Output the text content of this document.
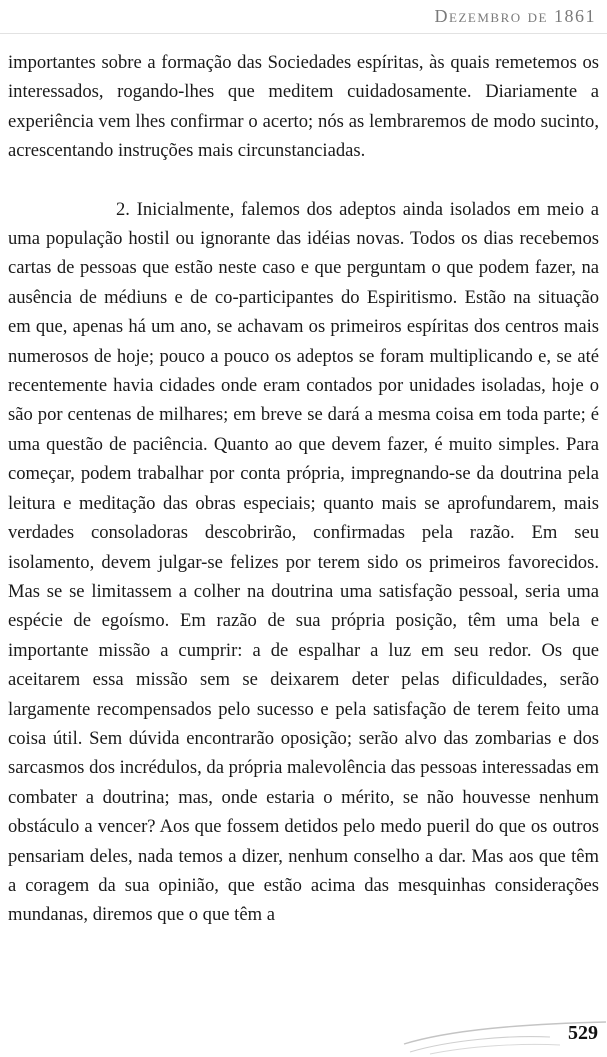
Dezembro de 1861

importantes sobre a formação das Sociedades espíritas, às quais remetemos os interessados, rogando-lhes que meditem cuidadosamente. Diariamente a experiência vem lhes confirmar o acerto; nós as lembraremos de modo sucinto, acrescentando instruções mais circunstanciadas.

2. Inicialmente, falemos dos adeptos ainda isolados em meio a uma população hostil ou ignorante das idéias novas. Todos os dias recebemos cartas de pessoas que estão neste caso e que perguntam o que podem fazer, na ausência de médiuns e de co-participantes do Espiritismo. Estão na situação em que, apenas há um ano, se achavam os primeiros espíritas dos centros mais numerosos de hoje; pouco a pouco os adeptos se foram multiplicando e, se até recentemente havia cidades onde eram contados por unidades isoladas, hoje o são por centenas de milhares; em breve se dará a mesma coisa em toda parte; é uma questão de paciência. Quanto ao que devem fazer, é muito simples. Para começar, podem trabalhar por conta própria, impregnando-se da doutrina pela leitura e meditação das obras especiais; quanto mais se aprofundarem, mais verdades consoladoras descobrirão, confirmadas pela razão. Em seu isolamento, devem julgar-se felizes por terem sido os primeiros favorecidos. Mas se se limitassem a colher na doutrina uma satisfação pessoal, seria uma espécie de egoísmo. Em razão de sua própria posição, têm uma bela e importante missão a cumprir: a de espalhar a luz em seu redor. Os que aceitarem essa missão sem se deixarem deter pelas dificuldades, serão largamente recompensados pelo sucesso e pela satisfação de terem feito uma coisa útil. Sem dúvida encontrarão oposição; serão alvo das zombarias e dos sarcasmos dos incrédulos, da própria malevolência das pessoas interessadas em combater a doutrina; mas, onde estaria o mérito, se não houvesse nenhum obstáculo a vencer? Aos que fossem detidos pelo medo pueril do que os outros pensariam deles, nada temos a dizer, nenhum conselho a dar. Mas aos que têm a coragem da sua opinião, que estão acima das mesquinhas considerações mundanas, diremos que o que têm a

529
